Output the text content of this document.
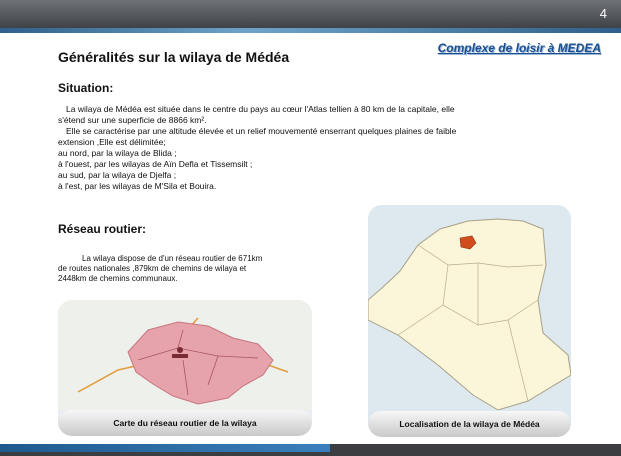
4
Généralités sur la wilaya de Médéa
Complexe de loisir à MEDEA
Situation:

La wilaya de Médéa est située dans le centre du pays au cœur l'Atlas tellien à 80 km de la capitale, elle

s'étend sur une superficie de 8866 km².

Elle se caractérise par une altitude élevée et un relief mouvementé enserrant quelques plaines de faible

extension ,Elle est délimitée;

au nord, par la wilaya de Blida ;

à l'ouest, par les wilayas de Aïn Defla et Tissemsilt ;

au sud, par la wilaya de Djelfa ;

à l'est, par les wilayas de M'Sila et Bouira.

Réseau routier:

La wilaya dispose de d'un réseau routier de 671km

de routes nationales ,879km de chemins de wilaya et

2448km de chemins communaux.

Carte du réseau routier de la wilaya	Localisation de la wilaya de Médéa
